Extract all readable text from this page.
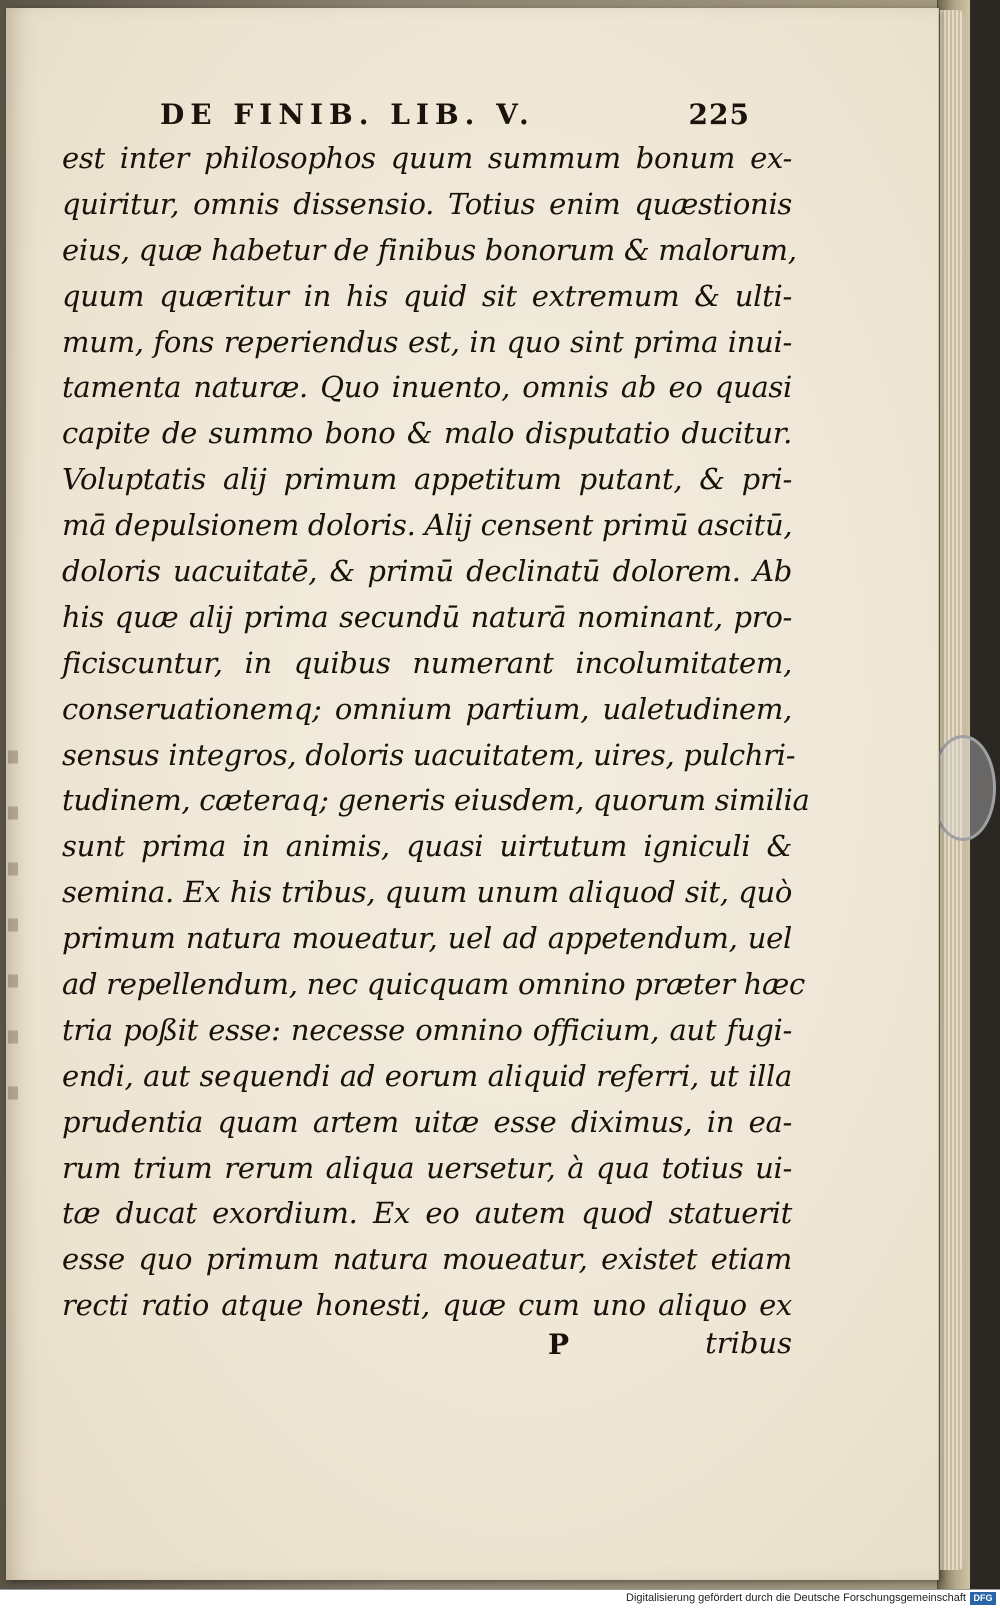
DE FINIB. LIB. V.	225
est inter philosophos quum summum bonum ex-
quiritur, omnis dissensio. Totius enim quæstionis
eius, quæ habetur de finibus bonorum & malorum,
quum quæritur in his quid sit extremum & ulti-
mum, fons reperiendus est, in quo sint prima inui-
tamenta naturæ. Quo inuento, omnis ab eo quasi
capite de summo bono & malo disputatio ducitur.
Voluptatis alij primum appetitum putant, & pri-
mā depulsionem doloris. Alij censent primū ascitū,
doloris uacuitatē, & primū declinatū dolorem. Ab
his quæ alij prima secundū naturā nominant, pro-
ficiscuntur, in quibus numerant incolumitatem,
conseruationemq; omnium partium, ualetudinem,
sensus integros, doloris uacuitatem, uires, pulchri-
tudinem, cæteraq; generis eiusdem, quorum similia
sunt prima in animis, quasi uirtutum igniculi &
semina. Ex his tribus, quum unum aliquod sit, quò
primum natura moueatur, uel ad appetendum, uel
ad repellendum, nec quicquam omnino præter hæc
tria poßit esse: necesse omnino officium, aut fugi-
endi, aut sequendi ad eorum aliquid referri, ut illa
prudentia quam artem uitæ esse diximus, in ea-
rum trium rerum aliqua uersetur, à qua totius ui-
tæ ducat exordium. Ex eo autem quod statuerit
esse quo primum natura moueatur, existet etiam
recti ratio atque honesti, quæ cum uno aliquo ex
P	tribus
Digitalisierung gefördert durch die Deutsche Forschungsgemeinschaft DFG
